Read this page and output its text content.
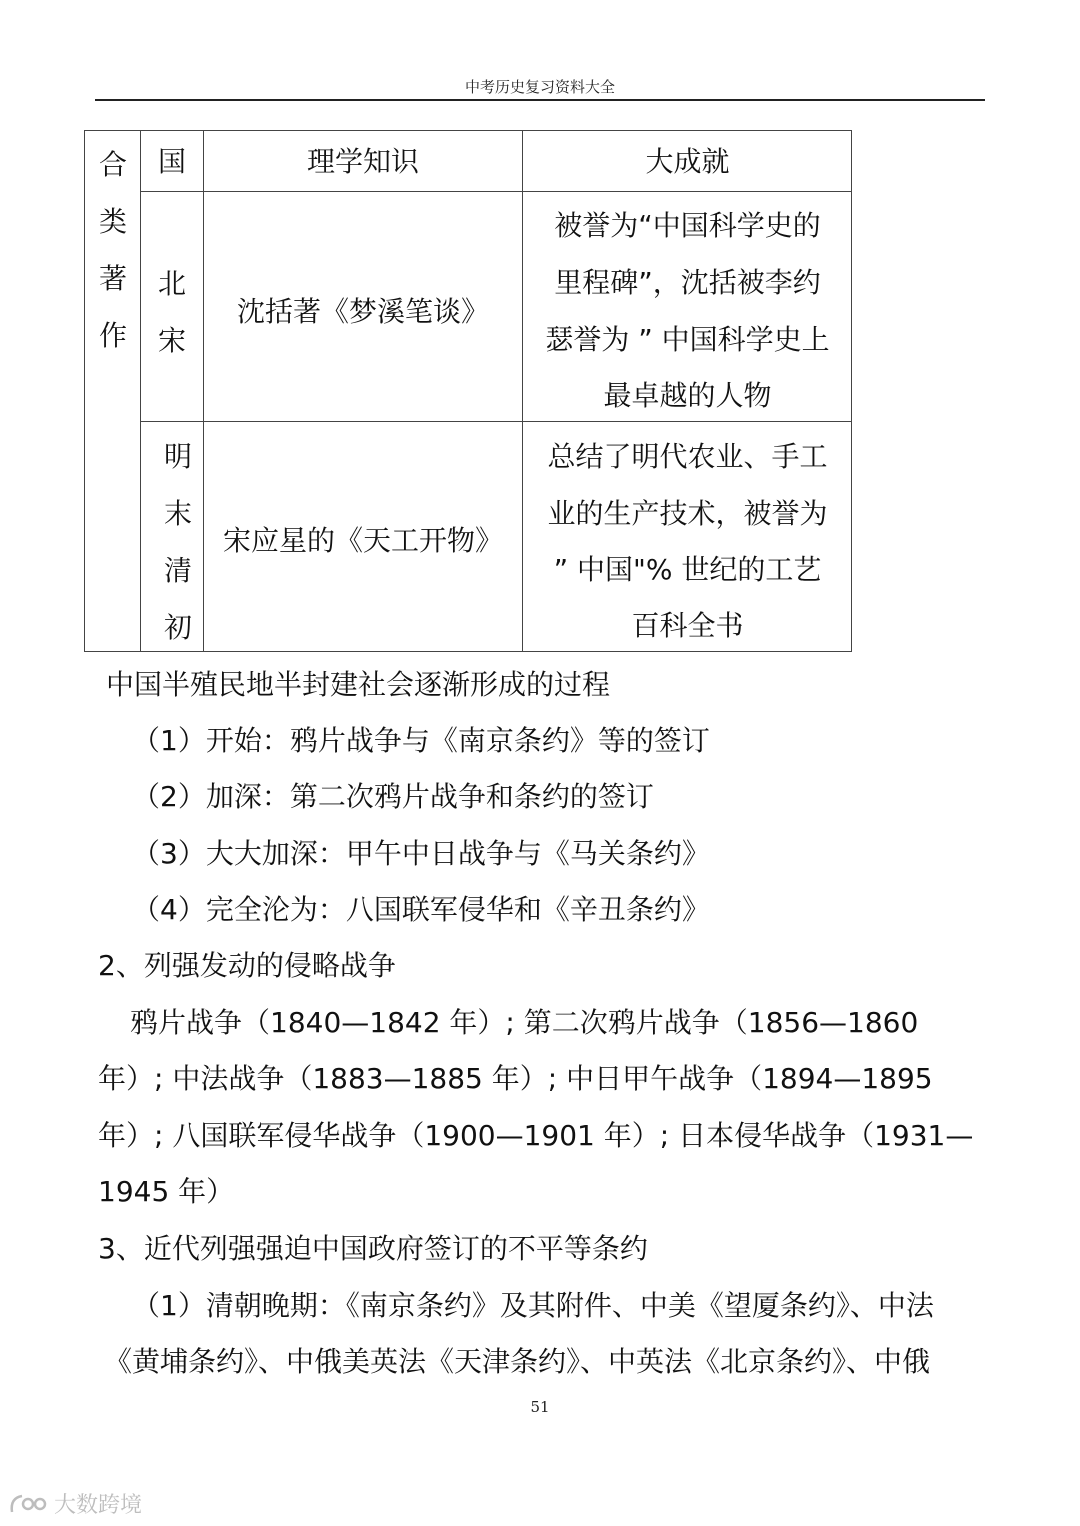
中考历史复习资料大全
合
类
著
作
国	理学知识	大成就
北
宋
沈括著《梦溪笔谈》
被誉为“中国科学史的
里程碑”，沈括被李约
瑟誉为 ” 中国科学史上
最卓越的人物
明
末
清
初
宋应星的《天工开物》
总结了明代农业、手工
业的生产技术，被誉为
” 中国"% 世纪的工艺
百科全书
中国半殖民地半封建社会逐渐形成的过程
（1）开始：鸦片战争与《南京条约》等的签订
（2）加深：第二次鸦片战争和条约的签订
（3）大大加深：甲午中日战争与《马关条约》
（4）完全沦为：八国联军侵华和《辛丑条约》
2、列强发动的侵略战争
鸦片战争（1840—1842 年）; 第二次鸦片战争（1856—1860
年）; 中法战争（1883—1885 年）; 中日甲午战争（1894—1895
年）; 八国联军侵华战争（1900—1901 年）; 日本侵华战争（1931—
1945 年）
3、近代列强强迫中国政府签订的不平等条约
（1）清朝晚期：《南京条约》及其附件、中美《望厦条约》、中法
《黄埔条约》、中俄美英法《天津条约》、中英法《北京条约》、中俄
51
大数跨境
